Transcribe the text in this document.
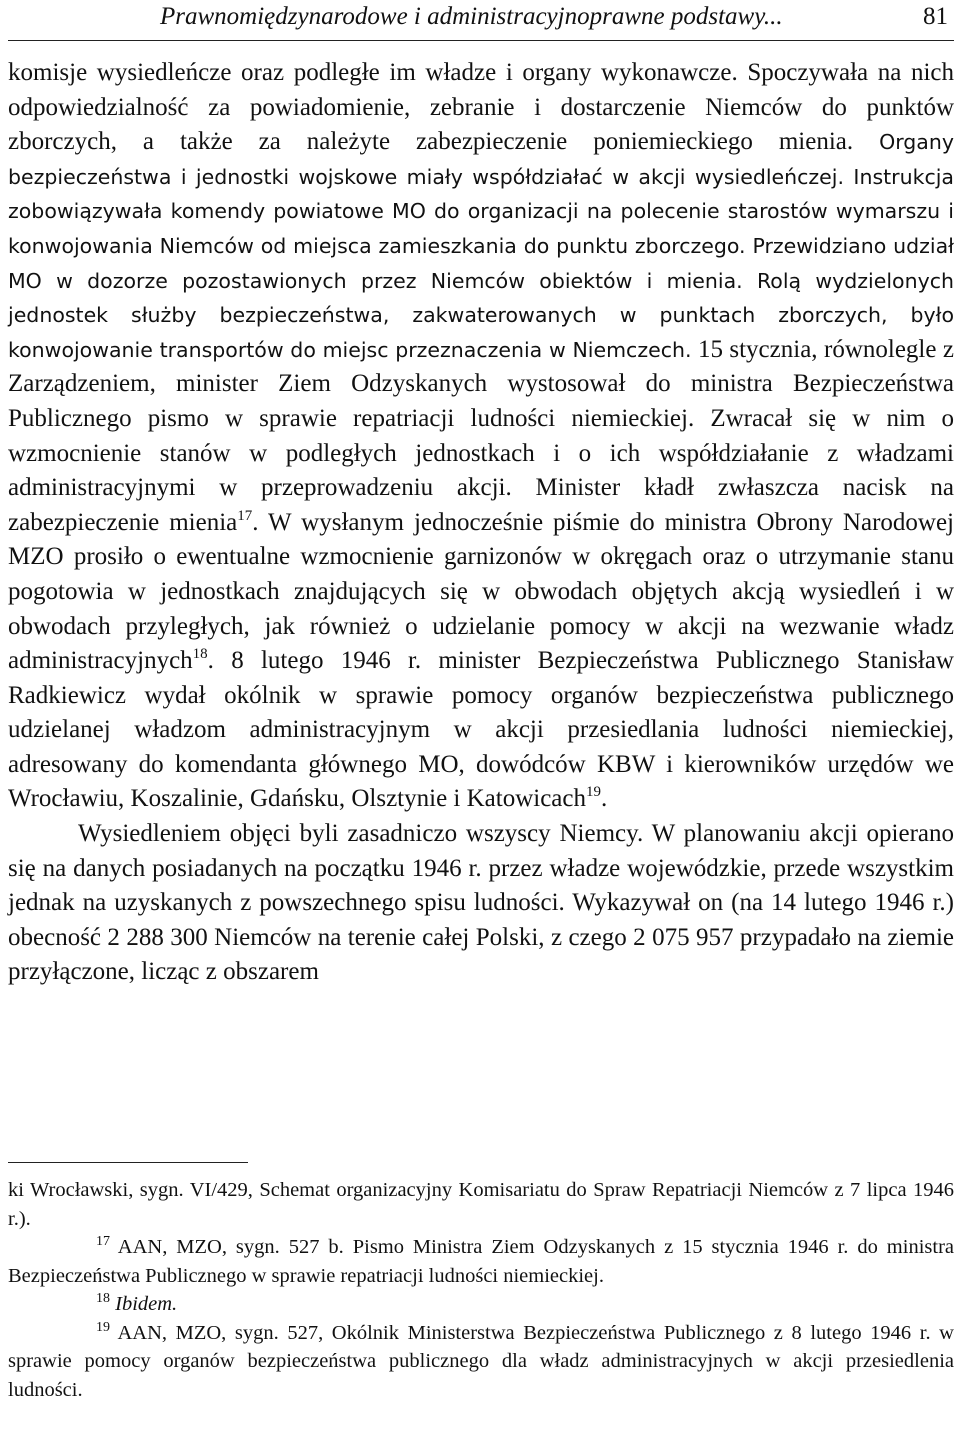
Prawnomiędzynarodowe i administracyjnoprawne podstawy...	81

komisje wysiedleńcze oraz podległe im władze i organy wykonawcze. Spoczywała na nich odpowiedzialność za powiadomienie, zebranie i dostarczenie Niemców do punktów zborczych, a także za należyte zabezpieczenie poniemieckiego mienia. Organy bezpieczeństwa i jednostki wojskowe miały współdziałać w akcji wysiedleńczej. Instrukcja zobowiązywała komendy powiatowe MO do organizacji na polecenie starostów wymarszu i konwojowania Niemców od miejsca zamieszkania do punktu zborczego. Przewidziano udział MO w dozorze pozostawionych przez Niemców obiektów i mienia. Rolą wydzielonych jednostek służby bezpieczeństwa, zakwaterowanych w punktach zborczych, było konwojowanie transportów do miejsc przeznaczenia w Niemczech. 15 stycznia, równolegle z Zarządzeniem, minister Ziem Odzyskanych wystosował do ministra Bezpieczeństwa Publicznego pismo w sprawie repatriacji ludności niemieckiej. Zwracał się w nim o wzmocnienie stanów w podległych jednostkach i o ich współdziałanie z władzami administracyjnymi w przeprowadzeniu akcji. Minister kładł zwłaszcza nacisk na zabezpieczenie mienia$^{17}$. W wysłanym jednocześnie piśmie do ministra Obrony Narodowej MZO prosiło o ewentualne wzmocnienie garnizonów w okręgach oraz o utrzymanie stanu pogotowia w jednostkach znajdujących się w obwodach objętych akcją wysiedleń i w obwodach przyległych, jak również o udzielanie pomocy w akcji na wezwanie władz administracyjnych$^{18}$. 8 lutego 1946 r. minister Bezpieczeństwa Publicznego Stanisław Radkiewicz wydał okólnik w sprawie pomocy organów bezpieczeństwa publicznego udzielanej władzom administracyjnym w akcji przesiedlania ludności niemieckiej, adresowany do komendanta głównego MO, dowódców KBW i kierowników urzędów we Wrocławiu, Koszalinie, Gdańsku, Olsztynie i Katowicach$^{19}$.

Wysiedleniem objęci byli zasadniczo wszyscy Niemcy. W planowaniu akcji opierano się na danych posiadanych na początku 1946 r. przez władze wojewódzkie, przede wszystkim jednak na uzyskanych z powszechnego spisu ludności. Wykazywał on (na 14 lutego 1946 r.) obecność 2 288 300 Niemców na terenie całej Polski, z czego 2 075 957 przypadało na ziemie przyłączone, licząc z obszarem

ki Wrocławski, sygn. VI/429, Schemat organizacyjny Komisariatu do Spraw Repatriacji Niemców z 7 lipca 1946 r.).

$^{17}$ AAN, MZO, sygn. 527 b. Pismo Ministra Ziem Odzyskanych z 15 stycznia 1946 r. do ministra Bezpieczeństwa Publicznego w sprawie repatriacji ludności niemieckiej.

$^{18}$ Ibidem.

$^{19}$ AAN, MZO, sygn. 527, Okólnik Ministerstwa Bezpieczeństwa Publicznego z 8 lutego 1946 r. w sprawie pomocy organów bezpieczeństwa publicznego dla władz administracyjnych w akcji przesiedlenia ludności.
